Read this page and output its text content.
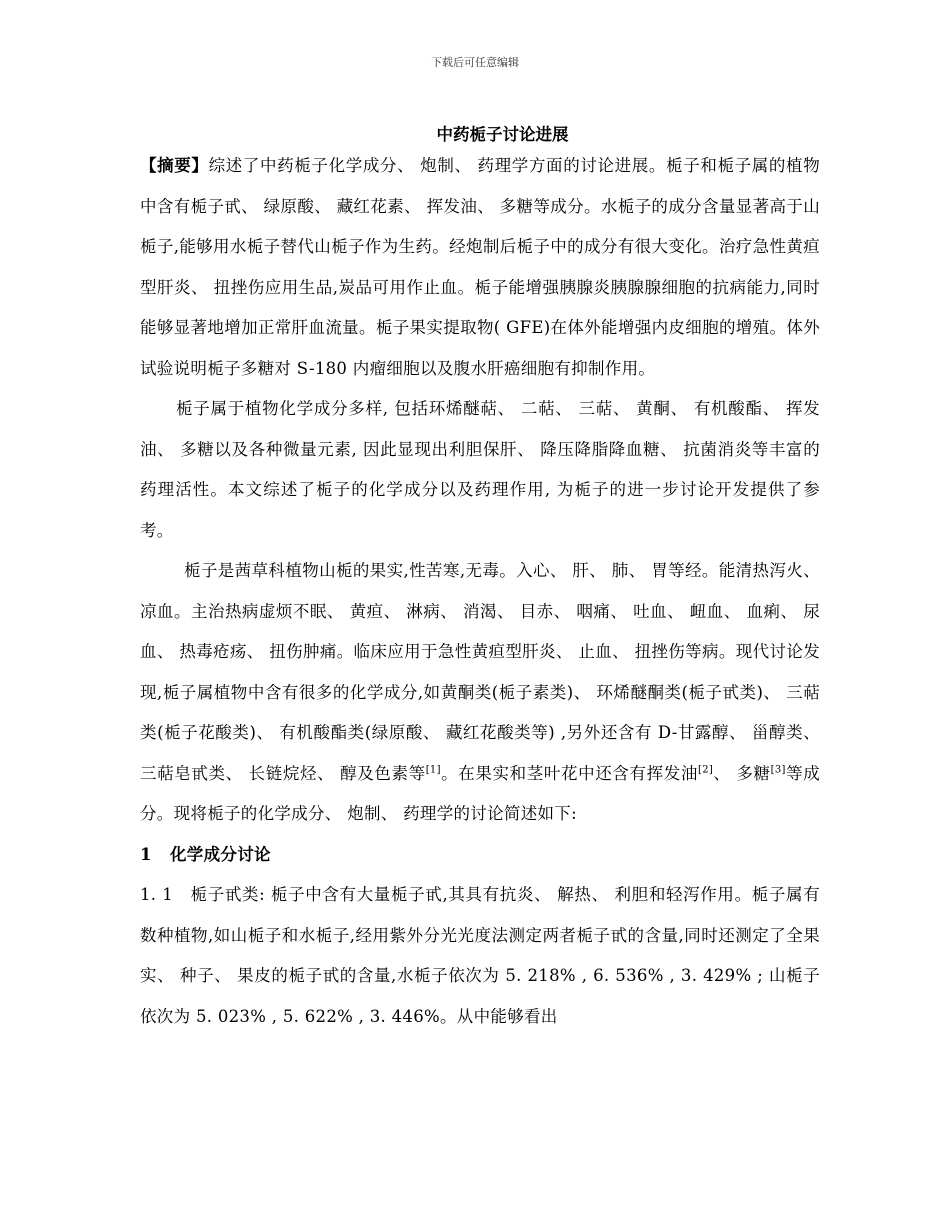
下载后可任意编辑
中药栀子讨论进展

【摘要】综述了中药栀子化学成分、 炮制、 药理学方面的讨论进展。栀子和栀子属的植物中含有栀子甙、 绿原酸、 藏红花素、 挥发油、 多糖等成分。水栀子的成分含量显著高于山栀子,能够用水栀子替代山栀子作为生药。经炮制后栀子中的成分有很大变化。治疗急性黄疸型肝炎、 扭挫伤应用生品,炭品可用作止血。栀子能增强胰腺炎胰腺腺细胞的抗病能力,同时能够显著地增加正常肝血流量。栀子果实提取物( GFE)在体外能增强内皮细胞的增殖。体外试验说明栀子多糖对 S-180 内瘤细胞以及腹水肝癌细胞有抑制作用。

栀子属于植物化学成分多样, 包括环烯醚萜、 二萜、 三萜、 黄酮、 有机酸酯、 挥发油、 多糖以及各种微量元素, 因此显现出利胆保肝、 降压降脂降血糖、 抗菌消炎等丰富的药理活性。本文综述了栀子的化学成分以及药理作用, 为栀子的进一步讨论开发提供了参考。

栀子是茜草科植物山栀的果实,性苦寒,无毒。入心、 肝、 肺、 胃等经。能清热泻火、 凉血。主治热病虚烦不眠、 黄疸、 淋病、 消渴、 目赤、 咽痛、 吐血、 衄血、 血痢、 尿血、 热毒疮疡、 扭伤肿痛。临床应用于急性黄疸型肝炎、 止血、 扭挫伤等病。现代讨论发现,栀子属植物中含有很多的化学成分,如黄酮类(栀子素类)、 环烯醚酮类(栀子甙类)、 三萜类(栀子花酸类)、 有机酸酯类(绿原酸、 藏红花酸类等) ,另外还含有 D-甘露醇、 甾醇类、 三萜皂甙类、 长链烷烃、 醇及色素等[1]。在果实和茎叶花中还含有挥发油[2]、 多糖[3]等成分。现将栀子的化学成分、 炮制、 药理学的讨论简述如下:

1 化学成分讨论

1. 1　栀子甙类: 栀子中含有大量栀子甙,其具有抗炎、 解热、 利胆和轻泻作用。栀子属有数种植物,如山栀子和水栀子,经用紫外分光光度法测定两者栀子甙的含量,同时还测定了全果实、 种子、 果皮的栀子甙的含量,水栀子依次为 5. 218% , 6. 536% , 3. 429% ; 山栀子依次为 5. 023% , 5. 622% , 3. 446%。从中能够看出
